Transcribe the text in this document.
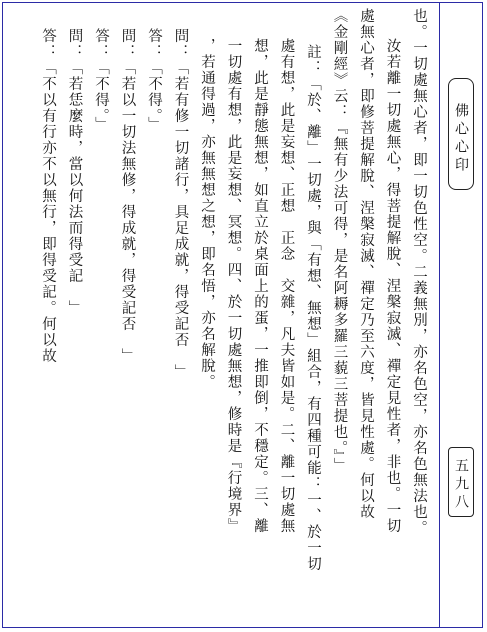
佛心心印
五九八
也。一切處無心者，即一切色性空。二義無別，亦名色空，亦名色無法也。
汝若離一切處無心，得菩提解脫、涅槃寂滅、禪定見性者，非也。一切
處無心者，即修菩提解脫、涅槃寂滅、禪定乃至六度，皆見性處。何以故
《金剛經》云：『無有少法可得，是名阿耨多羅三藐三菩提也。』」
註：「於、離」一切處，與「有想、無想」組合，有四種可能：一、於一切
處有想，此是妄想、正想　正念　交雜，凡夫皆如是。二、離一切處無
想，此是靜態無想，如直立於桌面上的蛋，一推即倒，不穩定。三、離
一切處有想，此是妄想、冥想。四、於一切處無想，修時是『行境界』
，若通得過，亦無無想之想，即名悟，亦名解脫。
問：「若有修一切諸行，具足成就，得受記否　」
答：「不得。」
問：「若以一切法無修，得成就，得受記否　」
答：「不得。」
問：「若恁麼時，當以何法而得受記　」
答：「不以有行亦不以無行，即得受記。何以故
